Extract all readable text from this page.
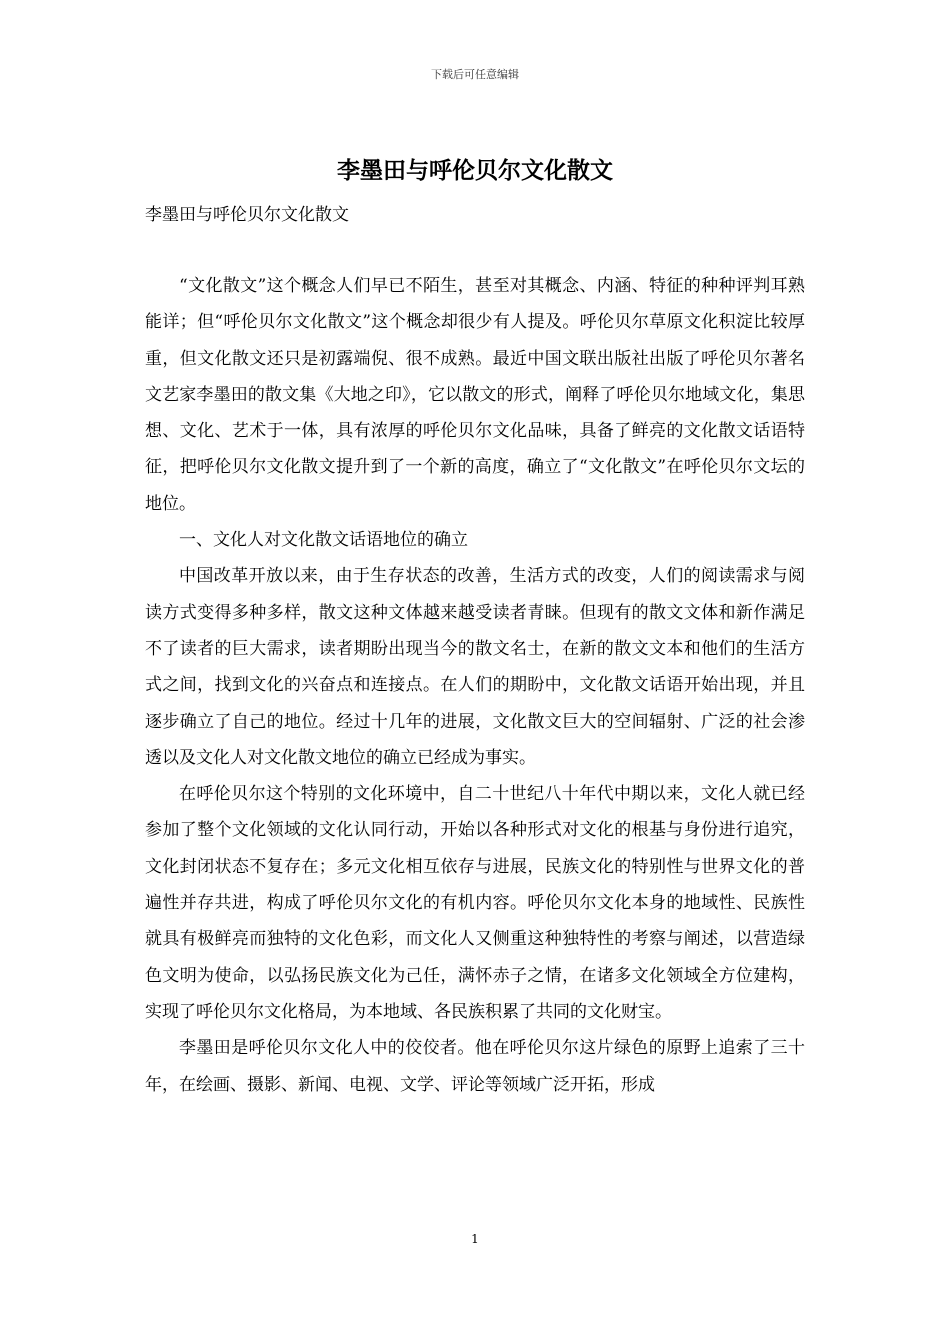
下载后可任意编辑
李墨田与呼伦贝尔文化散文

李墨田与呼伦贝尔文化散文

“文化散文”这个概念人们早已不陌生，甚至对其概念、内涵、特征的种种评判耳熟能详；但“呼伦贝尔文化散文”这个概念却很少有人提及。呼伦贝尔草原文化积淀比较厚重，但文化散文还只是初露端倪、很不成熟。最近中国文联出版社出版了呼伦贝尔著名文艺家李墨田的散文集《大地之印》，它以散文的形式，阐释了呼伦贝尔地域文化，集思想、文化、艺术于一体，具有浓厚的呼伦贝尔文化品味，具备了鲜亮的文化散文话语特征，把呼伦贝尔文化散文提升到了一个新的高度，确立了“文化散文”在呼伦贝尔文坛的地位。

一、文化人对文化散文话语地位的确立

中国改革开放以来，由于生存状态的改善，生活方式的改变，人们的阅读需求与阅读方式变得多种多样，散文这种文体越来越受读者青睐。但现有的散文文体和新作满足不了读者的巨大需求，读者期盼出现当今的散文名士，在新的散文文本和他们的生活方式之间，找到文化的兴奋点和连接点。在人们的期盼中，文化散文话语开始出现，并且逐步确立了自己的地位。经过十几年的进展，文化散文巨大的空间辐射、广泛的社会渗透以及文化人对文化散文地位的确立已经成为事实。

在呼伦贝尔这个特别的文化环境中，自二十世纪八十年代中期以来，文化人就已经参加了整个文化领域的文化认同行动，开始以各种形式对文化的根基与身份进行追究，文化封闭状态不复存在；多元文化相互依存与进展，民族文化的特别性与世界文化的普遍性并存共进，构成了呼伦贝尔文化的有机内容。呼伦贝尔文化本身的地域性、民族性就具有极鲜亮而独特的文化色彩，而文化人又侧重这种独特性的考察与阐述，以营造绿色文明为使命，以弘扬民族文化为己任，满怀赤子之情，在诸多文化领域全方位建构，实现了呼伦贝尔文化格局，为本地域、各民族积累了共同的文化财宝。

李墨田是呼伦贝尔文化人中的佼佼者。他在呼伦贝尔这片绿色的原野上追索了三十年，在绘画、摄影、新闻、电视、文学、评论等领域广泛开拓，形成

1
